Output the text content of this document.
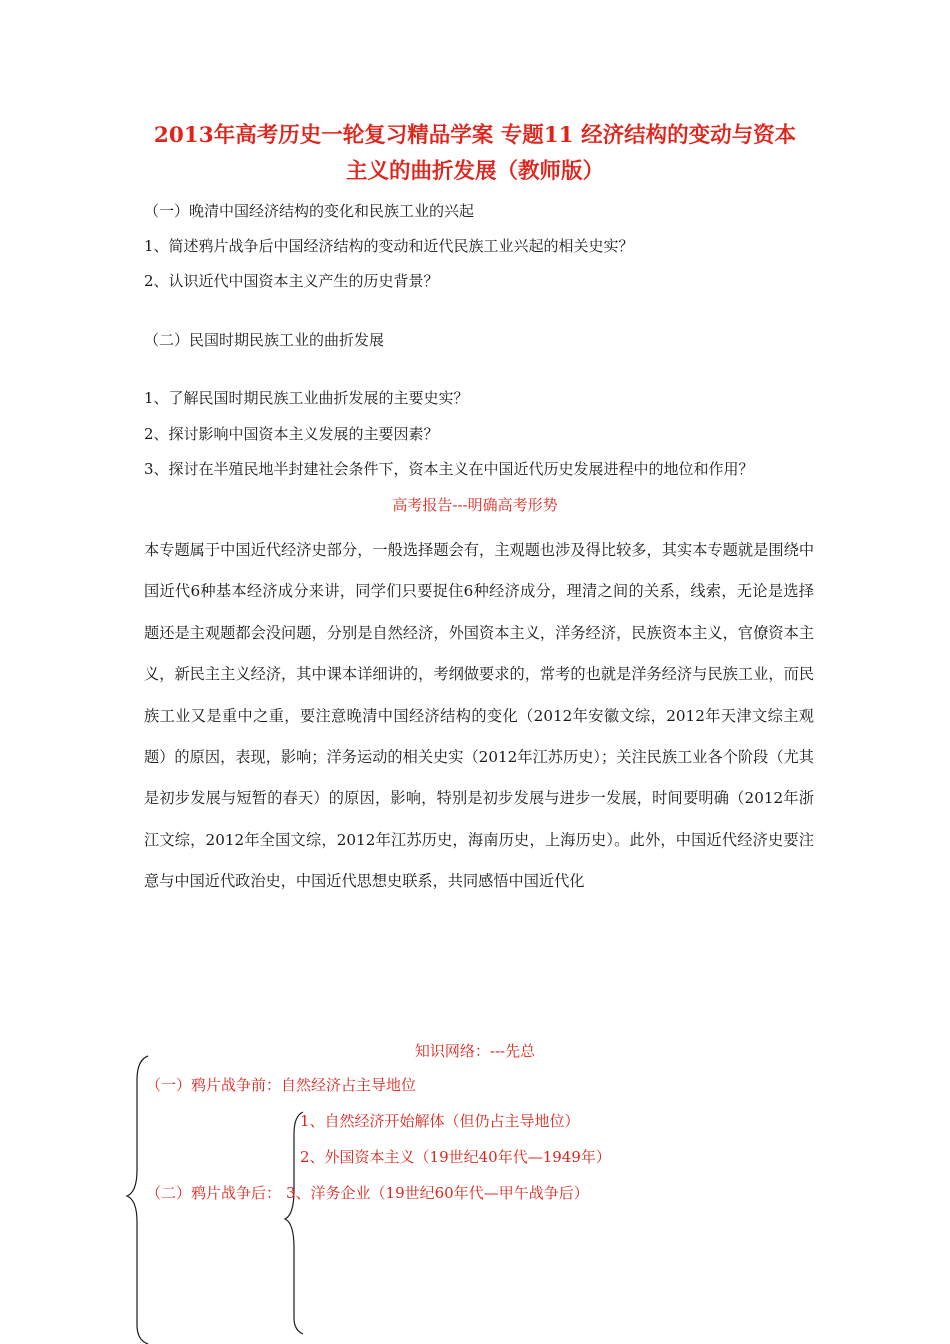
2013年高考历史一轮复习精品学案 专题11 经济结构的变动与资本
主义的曲折发展（教师版）
（一）晚清中国经济结构的变化和民族工业的兴起
1、简述鸦片战争后中国经济结构的变动和近代民族工业兴起的相关史实？
2、认识近代中国资本主义产生的历史背景？
（二）民国时期民族工业的曲折发展
1、了解民国时期民族工业曲折发展的主要史实？
2、探讨影响中国资本主义发展的主要因素？
3、探讨在半殖民地半封建社会条件下，资本主义在中国近代历史发展进程中的地位和作用？
高考报告---明确高考形势
本专题属于中国近代经济史部分，一般选择题会有，主观题也涉及得比较多，其实本专题就是围绕中国近代6种基本经济成分来讲，同学们只要捉住6种经济成分，理清之间的关系，线索，无论是选择题还是主观题都会没问题，分别是自然经济，外国资本主义，洋务经济，民族资本主义，官僚资本主义，新民主主义经济，其中课本详细讲的，考纲做要求的，常考的也就是洋务经济与民族工业，而民族工业又是重中之重，要注意晚清中国经济结构的变化（2012年安徽文综，2012年天津文综主观题）的原因，表现，影响；洋务运动的相关史实（2012年江苏历史）；关注民族工业各个阶段（尤其是初步发展与短暂的春天）的原因，影响，特别是初步发展与进步一发展，时间要明确（2012年浙江文综，2012年全国文综，2012年江苏历史，海南历史，上海历史）。此外，中国近代经济史要注意与中国近代政治史，中国近代思想史联系，共同感悟中国近代化
知识网络：---先总
（一）鸦片战争前：自然经济占主导地位
1、自然经济开始解体（但仍占主导地位）
2、外国资本主义（19世纪40年代—1949年）
（二）鸦片战争后： 3、洋务企业（19世纪60年代—甲午战争后）
